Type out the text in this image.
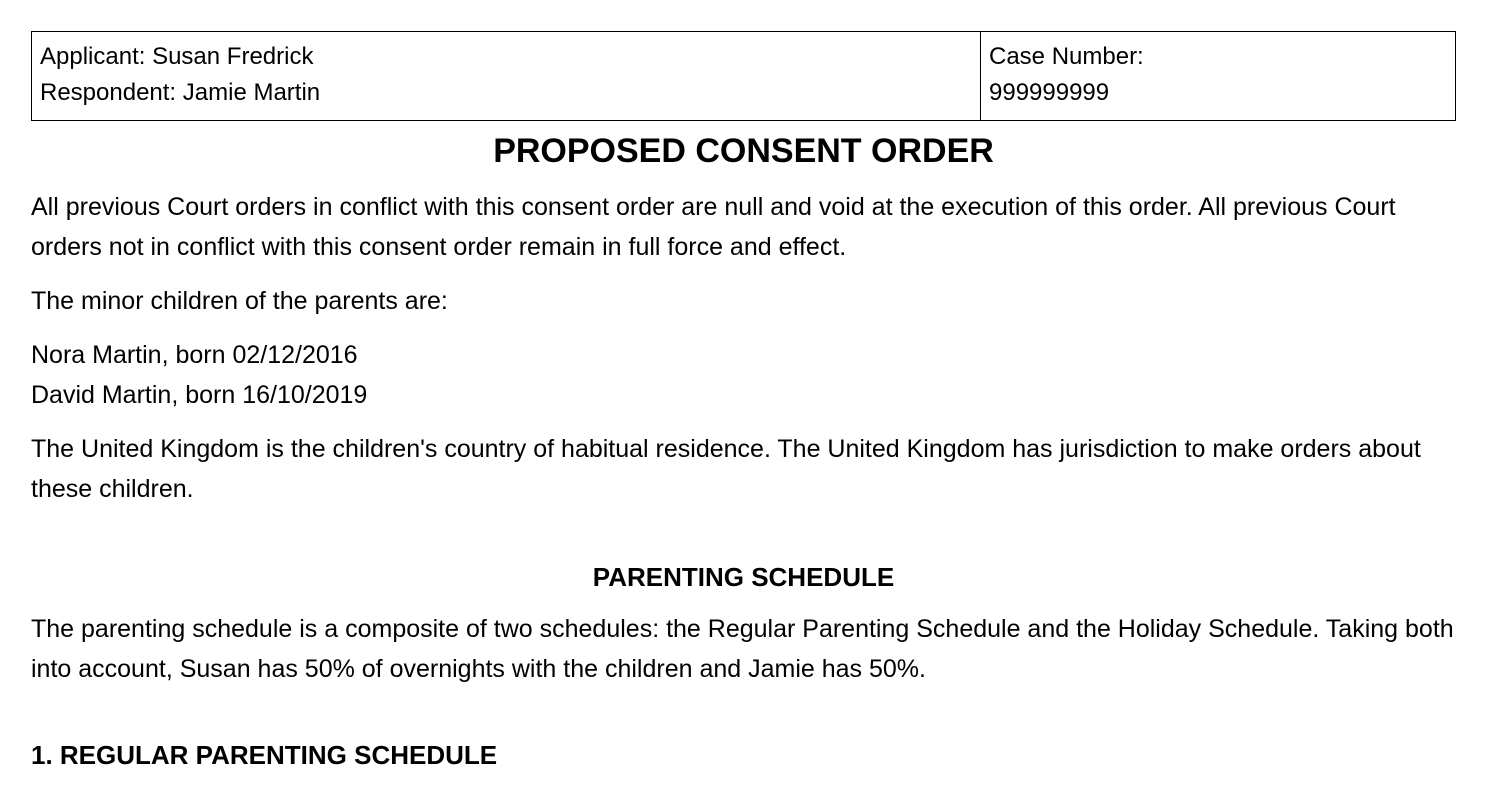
Applicant: Susan Fredrick
Respondent: Jamie Martin

Case Number:
999999999
PROPOSED CONSENT ORDER

All previous Court orders in conflict with this consent order are null and void at the execution of this order. All previous Court orders not in conflict with this consent order remain in full force and effect.

The minor children of the parents are:

Nora Martin, born 02/12/2016
David Martin, born 16/10/2019

The United Kingdom is the children's country of habitual residence. The United Kingdom has jurisdiction to make orders about these children.

PARENTING SCHEDULE

The parenting schedule is a composite of two schedules: the Regular Parenting Schedule and the Holiday Schedule. Taking both into account, Susan has 50% of overnights with the children and Jamie has 50%.

1. REGULAR PARENTING SCHEDULE
